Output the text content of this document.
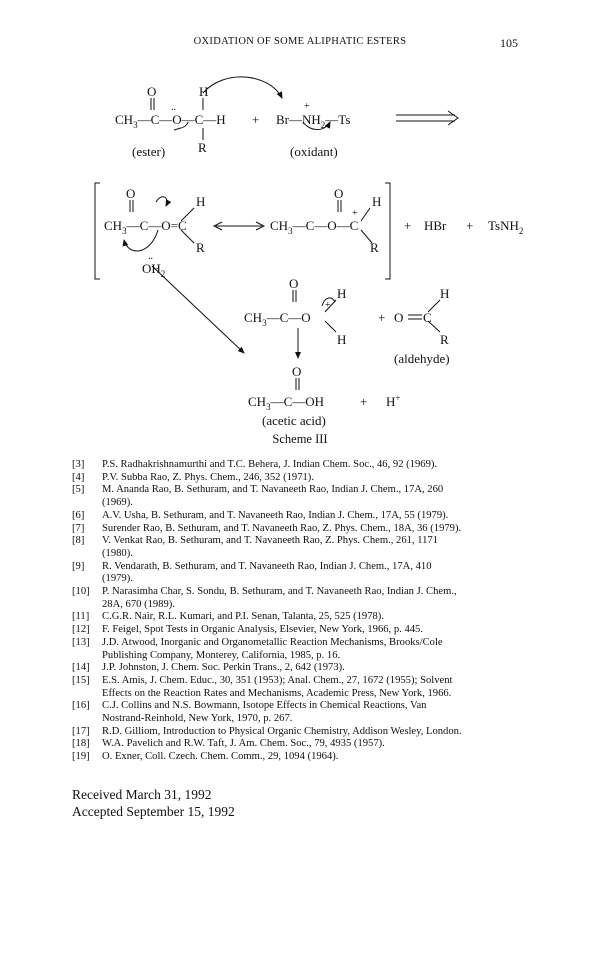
OXIDATION OF SOME ALIPHATIC ESTERS	105
O	H
$CH_3—C—O—C—H$
..
R
+
+
$Br—NH_2—Ts$
(ester)	(oxidant)
O
$CH_3—C—O=C$
H
R
O
$CH_3—C—O—C$
+
H
R
+ HBr + TsNH$_2$
.. $OH_2$
O
H
+
$CH_3—C—O$
H
+ O C
H
R
(aldehyde)
O
$CH_3—C—OH$	+ H+
(acetic acid)
Scheme III
[3] P.S. Radhakrishnamurthi and T.C. Behera, J. Indian Chem. Soc., 46, 92 (1969).
[4] P.V. Subba Rao, Z. Phys. Chem., 246, 352 (1971).
[5] M. Ananda Rao, B. Sethuram, and T. Navaneeth Rao, Indian J. Chem., 17A, 260
(1969).
[6] A.V. Usha, B. Sethuram, and T. Navaneeth Rao, Indian J. Chem., 17A, 55 (1979).
[7] Surender Rao, B. Sethuram, and T. Navaneeth Rao, Z. Phys. Chem., 18A, 36 (1979).
[8] V. Venkat Rao, B. Sethuram, and T. Navaneeth Rao, Z. Phys. Chem., 261, 1171
(1980).
[9] R. Vendarath, B. Sethuram, and T. Navaneeth Rao, Indian J. Chem., 17A, 410
(1979).
[10] P. Narasimha Char, S. Sondu, B. Sethuram, and T. Navaneeth Rao, Indian J. Chem.,
28A, 670 (1989).
[11] C.G.R. Nair, R.L. Kumari, and P.I. Senan, Talanta, 25, 525 (1978).
[12] F. Feigel, Spot Tests in Organic Analysis, Elsevier, New York, 1966, p. 445.
[13] J.D. Atwood, Inorganic and Organometallic Reaction Mechanisms, Brooks/Cole
Publishing Company, Monterey, California, 1985, p. 16.
[14] J.P. Johnston, J. Chem. Soc. Perkin Trans., 2, 642 (1973).
[15] E.S. Amis, J. Chem. Educ., 30, 351 (1953); Anal. Chem., 27, 1672 (1955); Solvent
Effects on the Reaction Rates and Mechanisms, Academic Press, New York, 1966.
[16] C.J. Collins and N.S. Bowmann, Isotope Effects in Chemical Reactions, Van
Nostrand-Reinhold, New York, 1970, p. 267.
[17] R.D. Gilliom, Introduction to Physical Organic Chemistry, Addison Wesley, London.
[18] W.A. Pavelich and R.W. Taft, J. Am. Chem. Soc., 79, 4935 (1957).
[19] O. Exner, Coll. Czech. Chem. Comm., 29, 1094 (1964).
Received March 31, 1992
Accepted September 15, 1992
